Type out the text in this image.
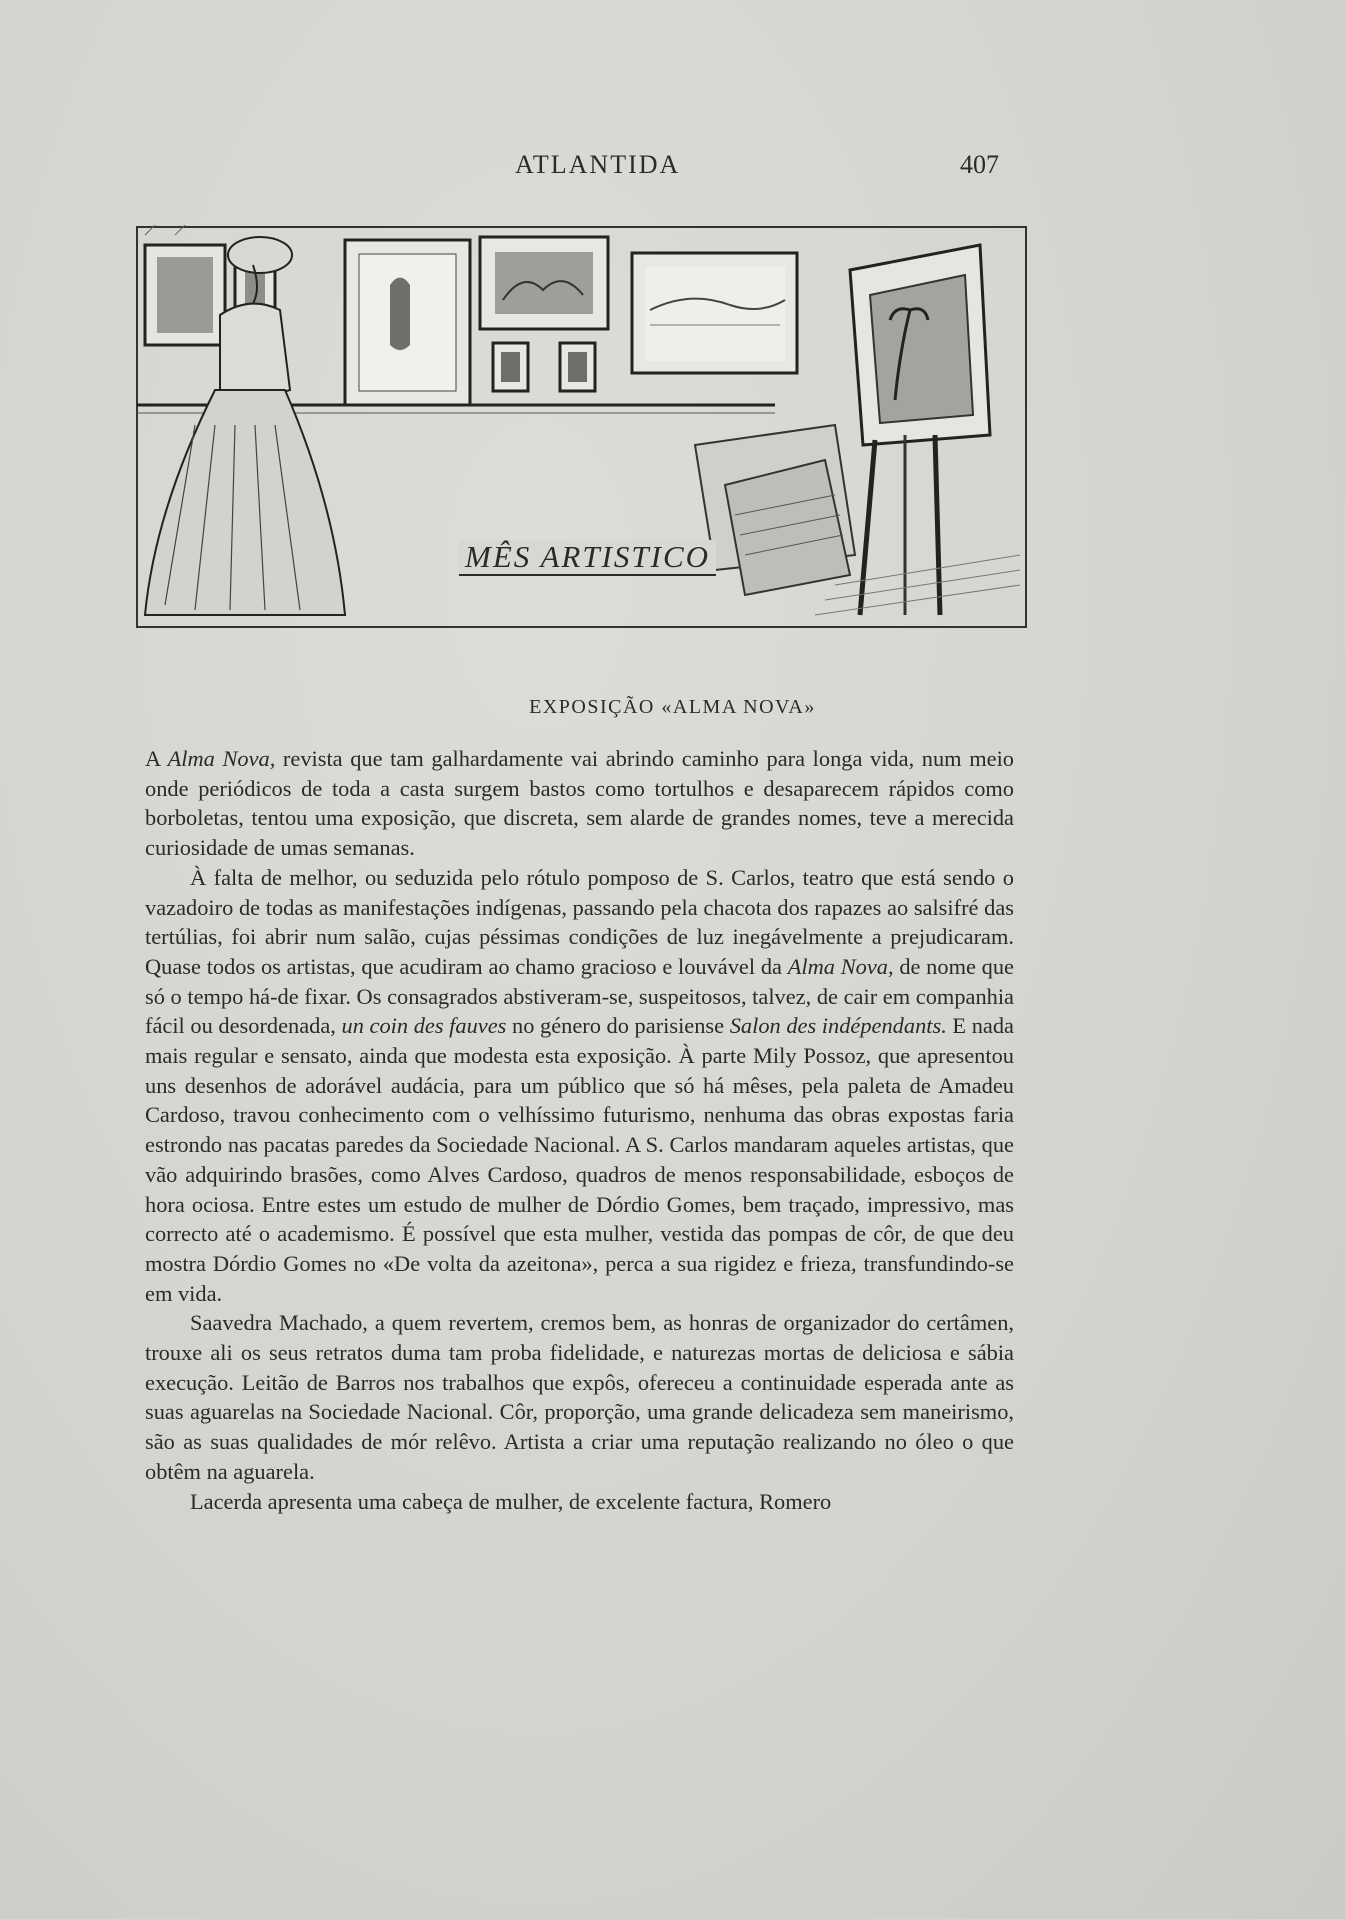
ATLANTIDA	407
MÊS ARTISTICO
EXPOSIÇÃO «ALMA NOVA»

A Alma Nova, revista que tam galhardamente vai abrindo caminho para longa vida, num meio onde periódicos de toda a casta surgem bastos como tortulhos e desaparecem rápidos como borboletas, tentou uma exposição, que discreta, sem alarde de grandes nomes, teve a merecida curiosidade de umas semanas.

À falta de melhor, ou seduzida pelo rótulo pomposo de S. Carlos, teatro que está sendo o vazadoiro de todas as manifestações indígenas, passando pela chacota dos rapazes ao salsifré das tertúlias, foi abrir num salão, cujas péssimas condições de luz inegávelmente a prejudicaram. Quase todos os artistas, que acudiram ao chamo gracioso e louvável da Alma Nova, de nome que só o tempo há-de fixar. Os consagrados abstiveram-se, suspeitosos, talvez, de cair em companhia fácil ou desordenada, un coin des fauves no género do parisiense Salon des indépendants. E nada mais regular e sensato, ainda que modesta esta exposição. À parte Mily Possoz, que apresentou uns desenhos de adorável audácia, para um público que só há mêses, pela paleta de Amadeu Cardoso, travou conhecimento com o velhíssimo futurismo, nenhuma das obras expostas faria estrondo nas pacatas paredes da Sociedade Nacional. A S. Carlos mandaram aqueles artistas, que vão adquirindo brasões, como Alves Cardoso, quadros de menos responsabilidade, esboços de hora ociosa. Entre estes um estudo de mulher de Dórdio Gomes, bem traçado, impressivo, mas correcto até o academismo. É possível que esta mulher, vestida das pompas de côr, de que deu mostra Dórdio Gomes no «De volta da azeitona», perca a sua rigidez e frieza, transfundindo-se em vida.

Saavedra Machado, a quem revertem, cremos bem, as honras de organizador do certâmen, trouxe ali os seus retratos duma tam proba fidelidade, e naturezas mortas de deliciosa e sábia execução. Leitão de Barros nos trabalhos que expôs, ofereceu a continuidade esperada ante as suas aguarelas na Sociedade Nacional. Côr, proporção, uma grande delicadeza sem maneirismo, são as suas qualidades de mór relêvo. Artista a criar uma reputação realizando no óleo o que obtêm na aguarela.

Lacerda apresenta uma cabeça de mulher, de excelente factura, Romero
